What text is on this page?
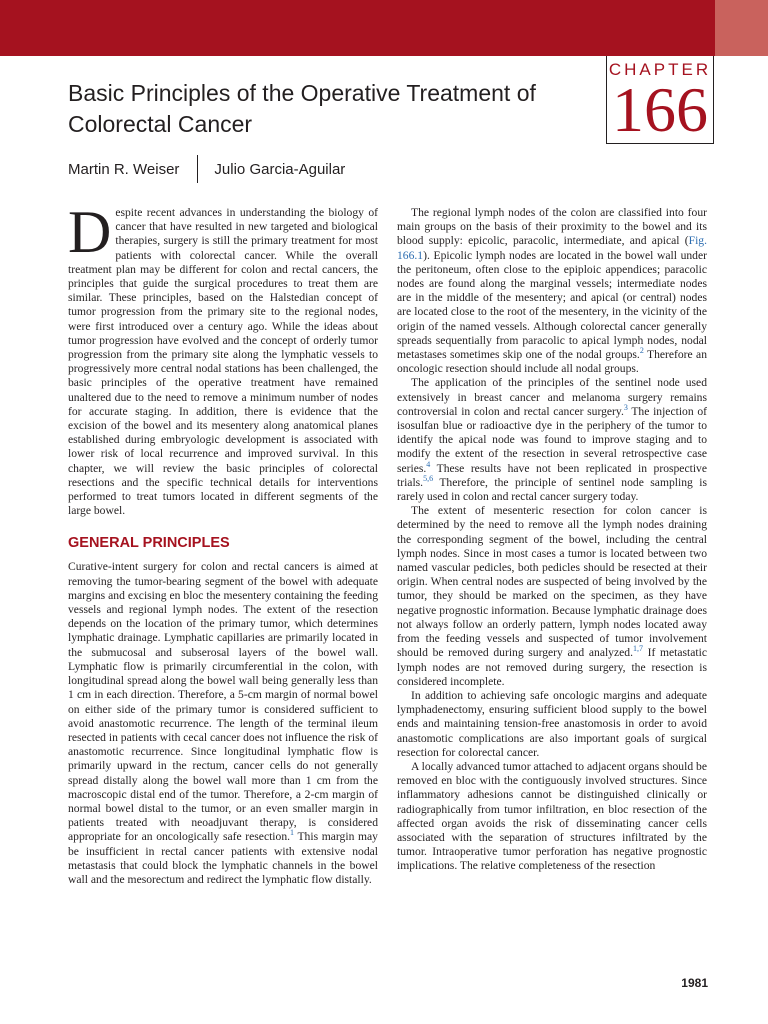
CHAPTER
166
Basic Principles of the Operative Treatment of Colorectal Cancer
Martin R. Weiser Julio Garcia-Aguilar

Despite recent advances in understanding the biology of cancer that have resulted in new targeted and biological therapies, surgery is still the primary treatment for most patients with colorectal cancer. While the overall treatment plan may be different for colon and rectal cancers, the principles that guide the surgical procedures to treat them are similar. These principles, based on the Halstedian concept of tumor progression from the primary site to the regional nodes, were first introduced over a century ago. While the ideas about tumor progression have evolved and the concept of orderly tumor progression from the primary site along the lymphatic vessels to progressively more central nodal stations has been challenged, the basic principles of the operative treatment have remained unaltered due to the need to remove a minimum number of nodes for accurate staging. In addition, there is evidence that the excision of the bowel and its mesentery along anatomical planes established during embryologic development is associated with lower risk of local recurrence and improved survival. In this chapter, we will review the basic principles of colorectal resections and the specific technical details for interventions performed to treat tumors located in different segments of the large bowel.

GENERAL PRINCIPLES

Curative-intent surgery for colon and rectal cancers is aimed at removing the tumor-bearing segment of the bowel with adequate margins and excising en bloc the mesentery containing the feeding vessels and regional lymph nodes. The extent of the resection depends on the location of the primary tumor, which determines lymphatic drainage. Lymphatic capillaries are primarily located in the submucosal and subserosal layers of the bowel wall. Lymphatic flow is primarily circumferential in the colon, with longitudinal spread along the bowel wall being generally less than 1 cm in each direction. Therefore, a 5-cm margin of normal bowel on either side of the primary tumor is considered sufficient to avoid anastomotic recurrence. The length of the terminal ileum resected in patients with cecal cancer does not influence the risk of anastomotic recurrence. Since longitudinal lymphatic flow is primarily upward in the rectum, cancer cells do not generally spread distally along the bowel wall more than 1 cm from the macroscopic distal end of the tumor. Therefore, a 2-cm margin of normal bowel distal to the tumor, or an even smaller margin in patients treated with neoadjuvant therapy, is considered appropriate for an oncologically safe resection.$^1$ This margin may be insufficient in rectal cancer patients with extensive nodal metastasis that could block the lymphatic channels in the bowel wall and the mesorectum and redirect the lymphatic flow distally.

The regional lymph nodes of the colon are classified into four main groups on the basis of their proximity to the bowel and its blood supply: epicolic, paracolic, intermediate, and apical (Fig. 166.1). Epicolic lymph nodes are located in the bowel wall under the peritoneum, often close to the epiploic appendices; paracolic nodes are found along the marginal vessels; intermediate nodes are in the middle of the mesentery; and apical (or central) nodes are located close to the root of the mesentery, in the vicinity of the origin of the named vessels. Although colorectal cancer generally spreads sequentially from paracolic to apical lymph nodes, nodal metastases sometimes skip one of the nodal groups.$^2$ Therefore an oncologic resection should include all nodal groups.

The application of the principles of the sentinel node used extensively in breast cancer and melanoma surgery remains controversial in colon and rectal cancer surgery.$^3$ The injection of isosulfan blue or radioactive dye in the periphery of the tumor to identify the apical node was found to improve staging and to modify the extent of the resection in several retrospective case series.$^4$ These results have not been replicated in prospective trials.$^{5,6}$ Therefore, the principle of sentinel node sampling is rarely used in colon and rectal cancer surgery today.

The extent of mesenteric resection for colon cancer is determined by the need to remove all the lymph nodes draining the corresponding segment of the bowel, including the central lymph nodes. Since in most cases a tumor is located between two named vascular pedicles, both pedicles should be resected at their origin. When central nodes are suspected of being involved by the tumor, they should be marked on the specimen, as they have negative prognostic information. Because lymphatic drainage does not always follow an orderly pattern, lymph nodes located away from the feeding vessels and suspected of tumor involvement should be removed during surgery and analyzed.$^{1,7}$ If metastatic lymph nodes are not removed during surgery, the resection is considered incomplete.

In addition to achieving safe oncologic margins and adequate lymphadenectomy, ensuring sufficient blood supply to the bowel ends and maintaining tension-free anastomosis in order to avoid anastomotic complications are also important goals of surgical resection for colorectal cancer.

A locally advanced tumor attached to adjacent organs should be removed en bloc with the contiguously involved structures. Since inflammatory adhesions cannot be distinguished clinically or radiographically from tumor infiltration, en bloc resection of the affected organ avoids the risk of disseminating cancer cells associated with the separation of structures infiltrated by the tumor. Intraoperative tumor perforation has negative prognostic implications. The relative completeness of the resection

1981
